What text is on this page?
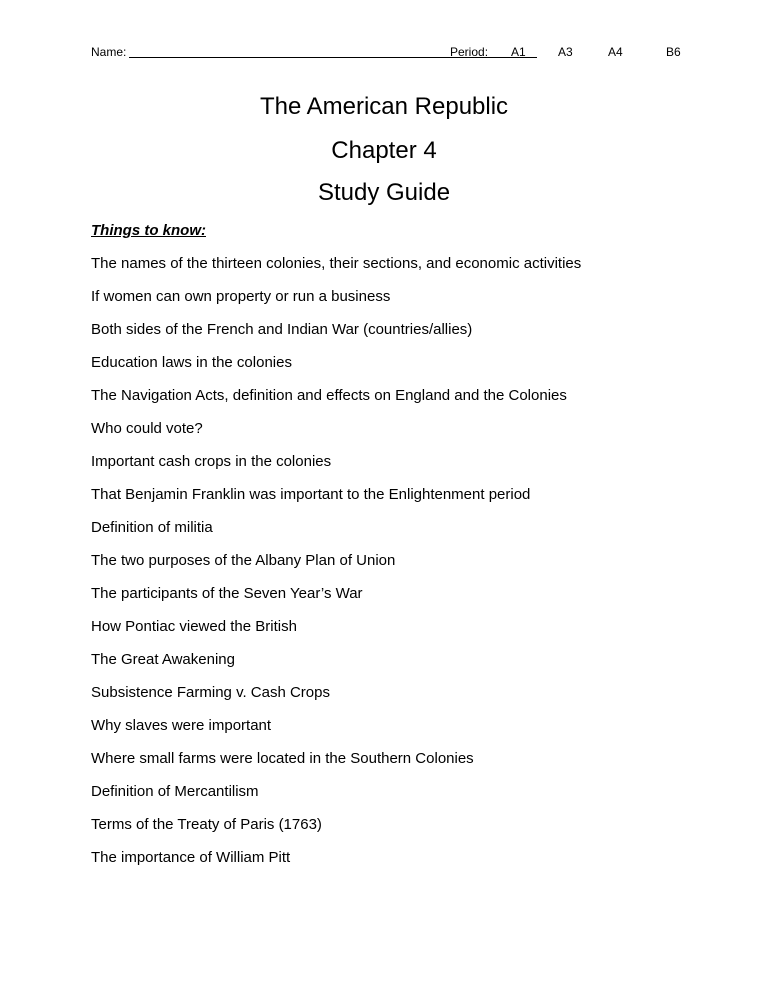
Name:	Period: A1	A3	A4	B6
The American Republic
Chapter 4
Study Guide
Things to know:
The names of the thirteen colonies, their sections, and economic activities
If women can own property or run a business
Both sides of the French and Indian War (countries/allies)
Education laws in the colonies
The Navigation Acts, definition and effects on England and the Colonies
Who could vote?
Important cash crops in the colonies
That Benjamin Franklin was important to the Enlightenment period
Definition of militia
The two purposes of the Albany Plan of Union
The participants of the Seven Year’s War
How Pontiac viewed the British
The Great Awakening
Subsistence Farming v. Cash Crops
Why slaves were important
Where small farms were located in the Southern Colonies
Definition of Mercantilism
Terms of the Treaty of Paris (1763)
The importance of William Pitt
